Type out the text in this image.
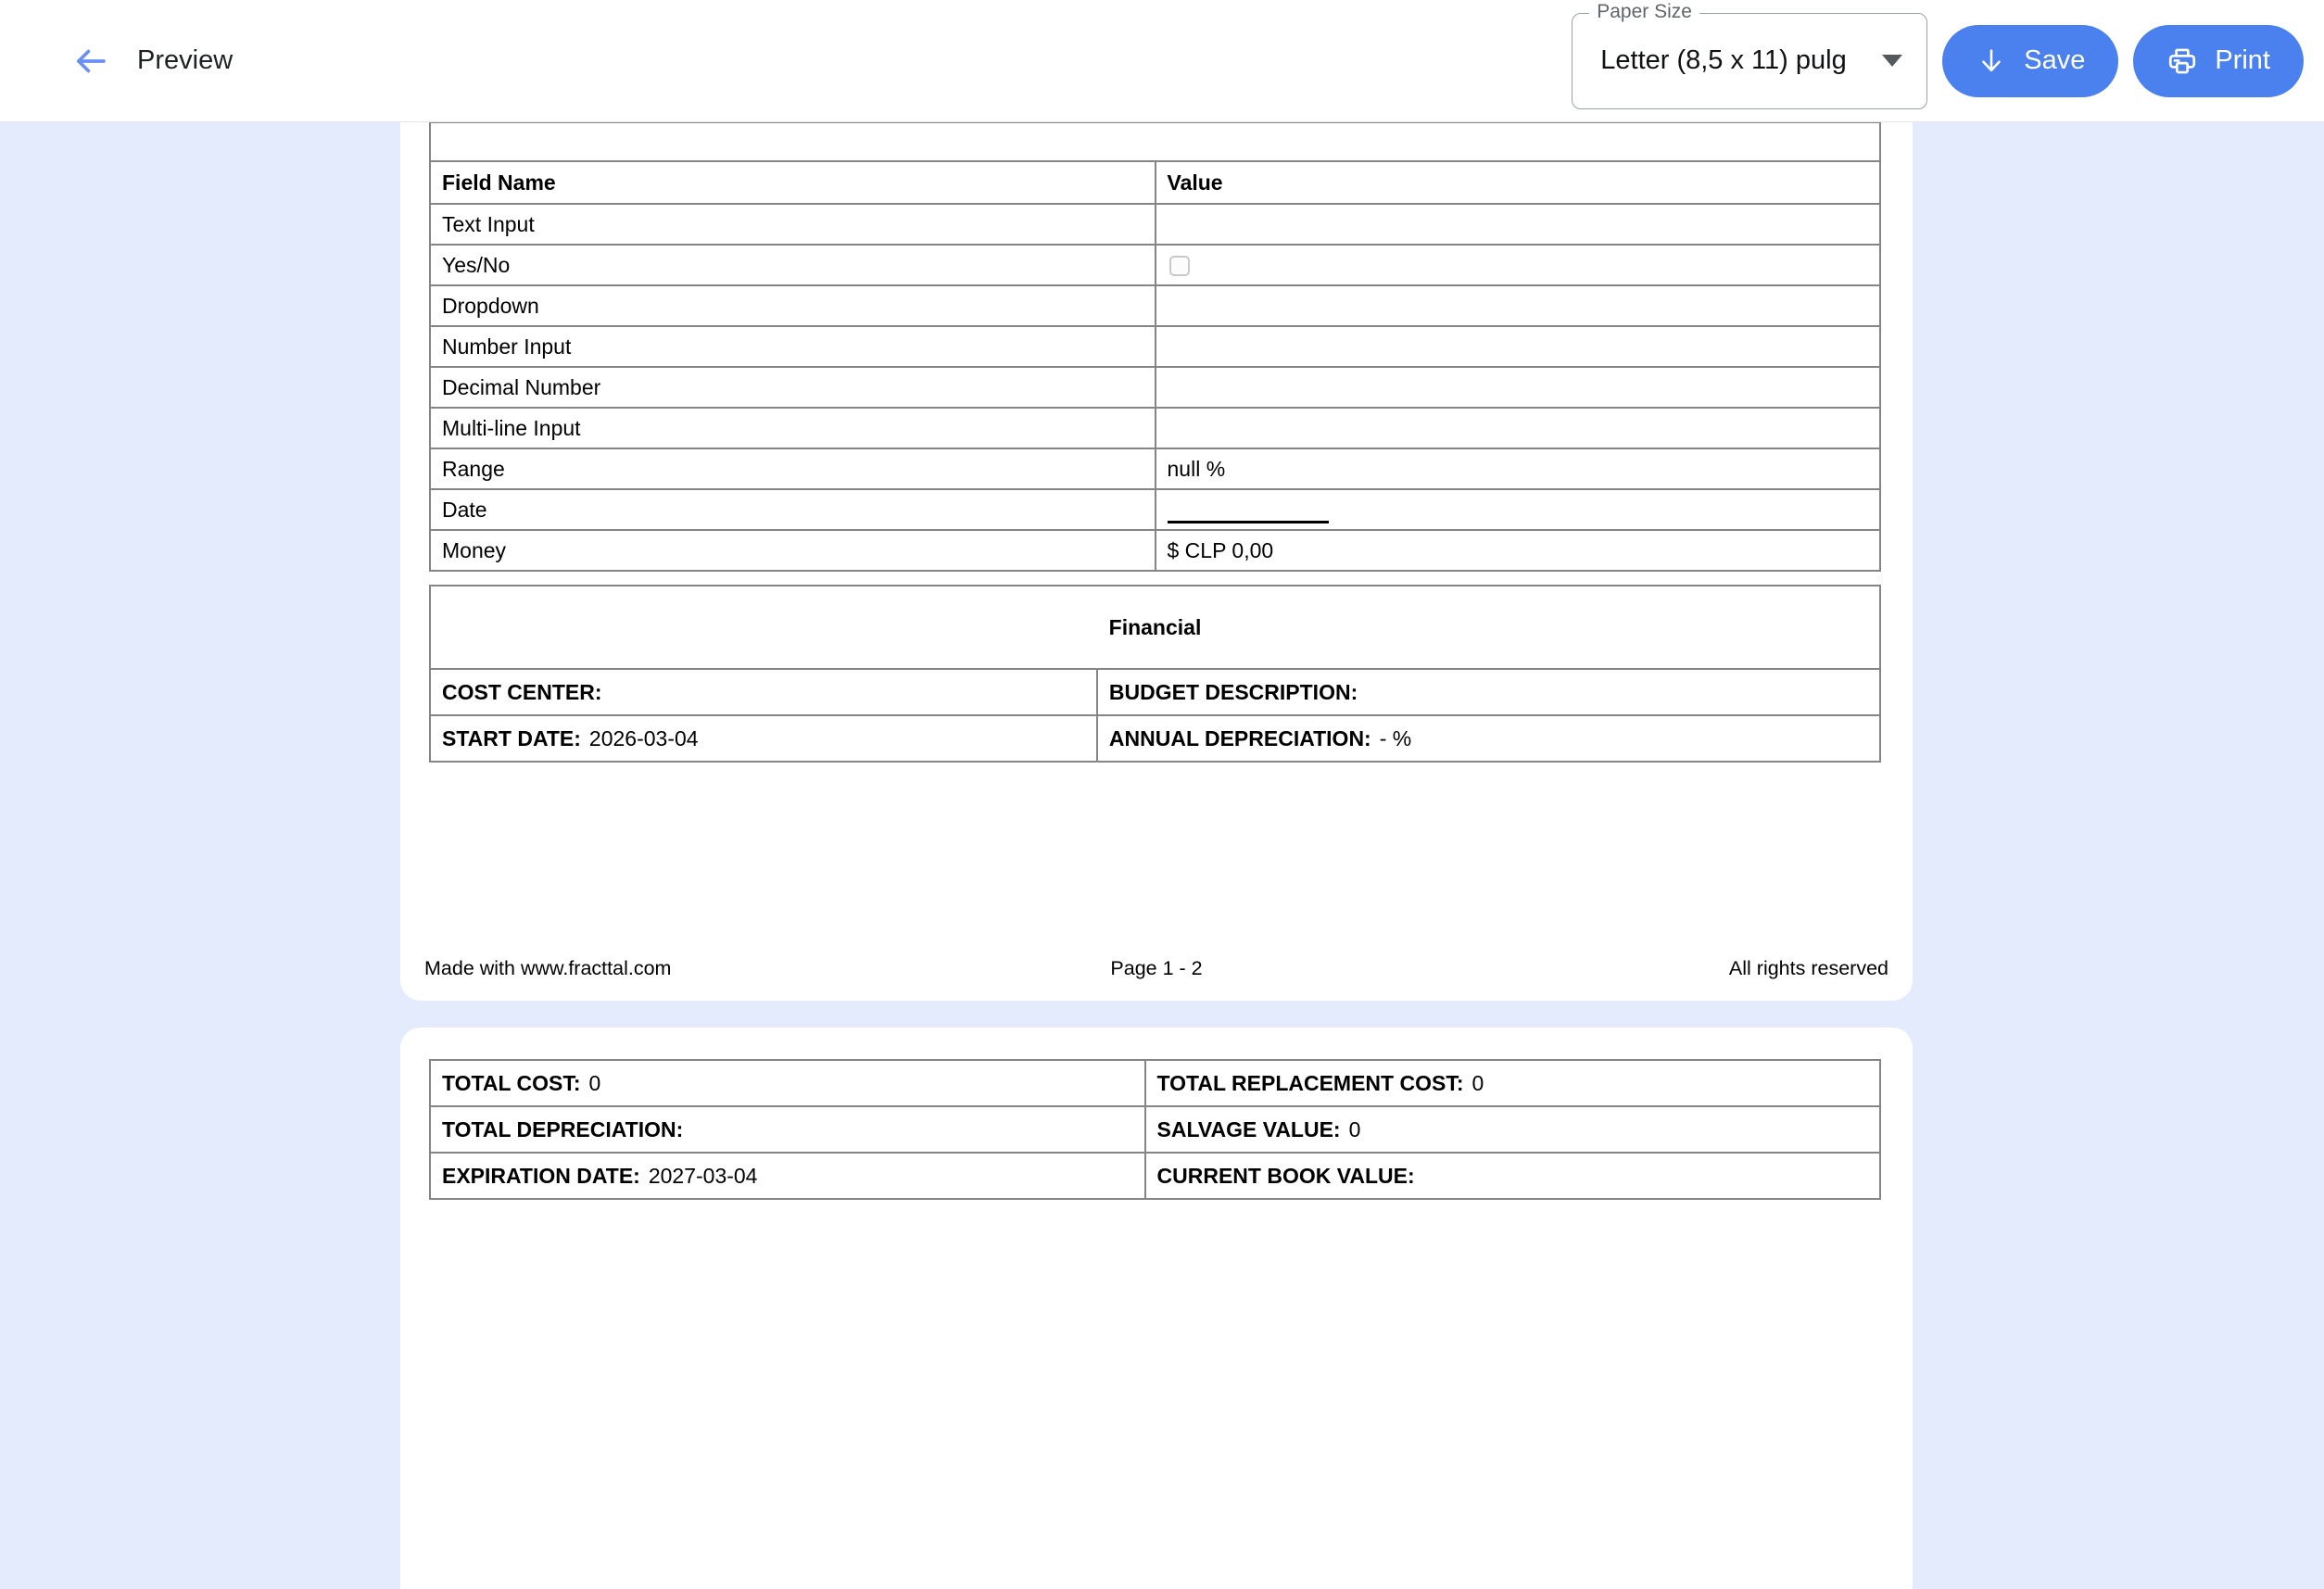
Preview
Paper Size
Letter (8,5 x 11) pulg	Save	Print

Field Name	Value
Text Input	
Yes/No	
Dropdown	
Number Input	
Decimal Number	
Multi-line Input	
Range	null %
Date	
Money	$ CLP 0,00
Financial	
COST CENTER:	BUDGET DESCRIPTION:
START DATE: 2026-03-04	ANNUAL DEPRECIATION: - %
Page 1 - 2
Made with www.fracttal.com	All rights reserved
TOTAL COST: 0	TOTAL REPLACEMENT COST: 0
TOTAL DEPRECIATION:	SALVAGE VALUE: 0
EXPIRATION DATE: 2027-03-04	CURRENT BOOK VALUE:
